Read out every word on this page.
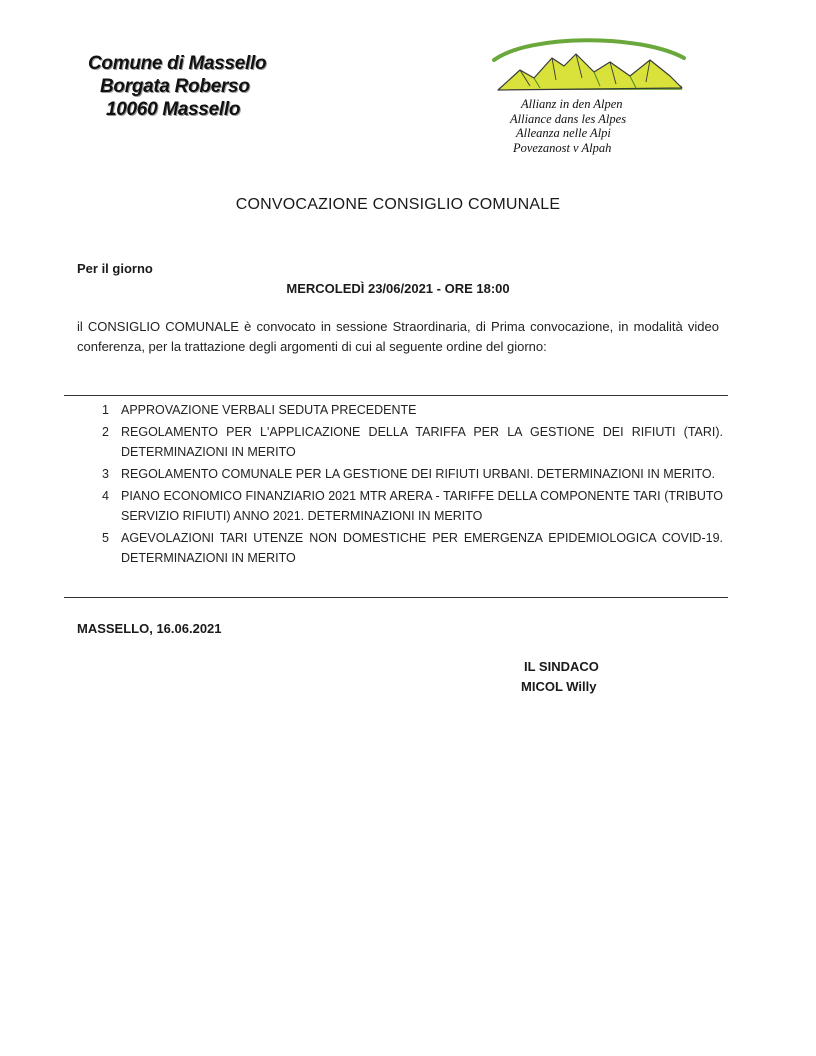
Comune di Massello
Borgata Roberso
10060 Massello	Allianz in den Alpen
Alliance dans les Alpes
Alleanza nelle Alpi
Povezanost v Alpah
CONVOCAZIONE CONSIGLIO COMUNALE
Per il giorno
MERCOLEDÌ 23/06/2021 - ORE 18:00
il CONSIGLIO COMUNALE è convocato in sessione Straordinaria, di Prima convocazione, in modalità video conferenza, per la trattazione degli argomenti di cui al seguente ordine del giorno:
1 APPROVAZIONE VERBALI SEDUTA PRECEDENTE
2 REGOLAMENTO PER L'APPLICAZIONE DELLA TARIFFA PER LA GESTIONE DEI RIFIUTI (TARI). DETERMINAZIONI IN MERITO
3 REGOLAMENTO COMUNALE PER LA GESTIONE DEI RIFIUTI URBANI. DETERMINAZIONI IN MERITO.
4 PIANO ECONOMICO FINANZIARIO 2021 MTR ARERA - TARIFFE DELLA COMPONENTE TARI (TRIBUTO SERVIZIO RIFIUTI) ANNO 2021. DETERMINAZIONI IN MERITO
5 AGEVOLAZIONI TARI UTENZE NON DOMESTICHE PER EMERGENZA EPIDEMIOLOGICA COVID-19. DETERMINAZIONI IN MERITO
MASSELLO, 16.06.2021
IL SINDACO
MICOL Willy
